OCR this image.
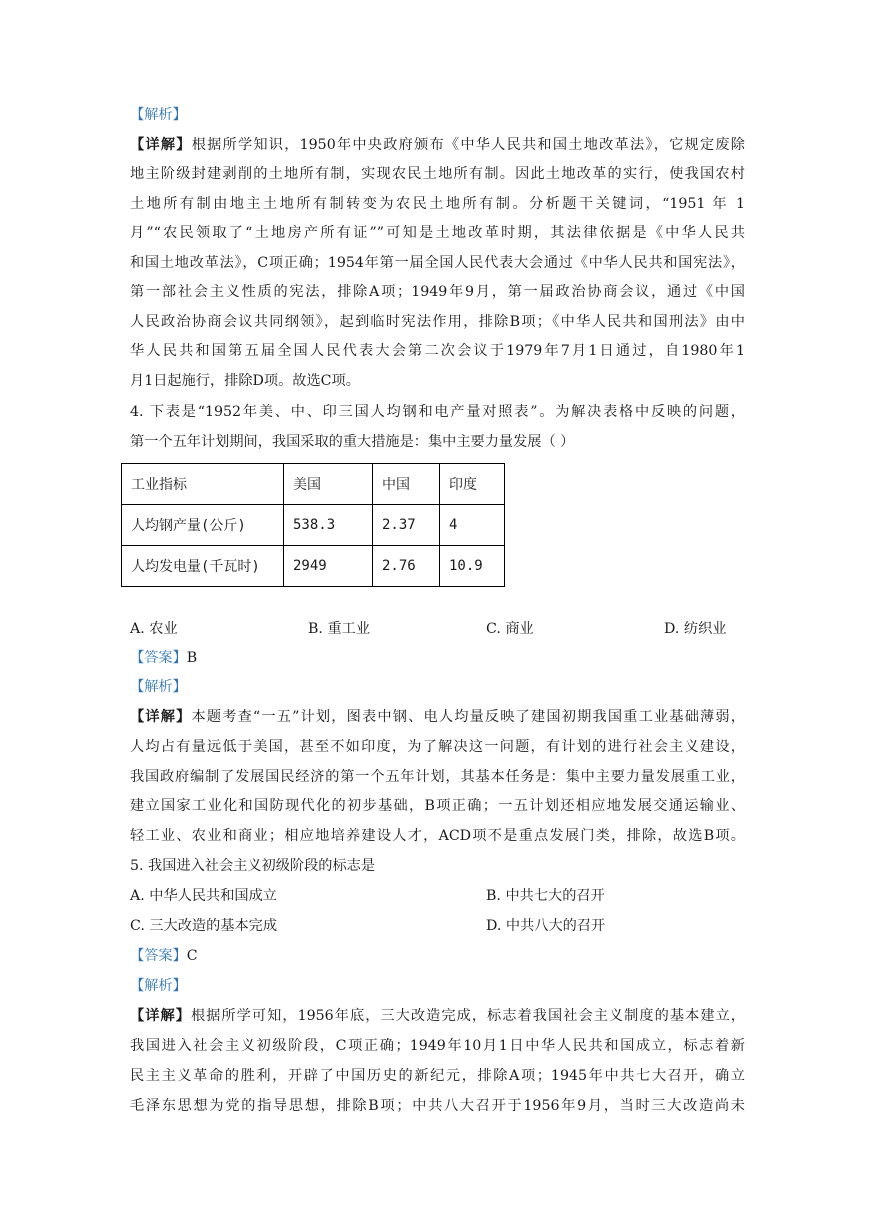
【解析】
【详解】根据所学知识，1950年中央政府颁布《中华人民共和国土地改革法》，它规定废除
地主阶级封建剥削的土地所有制，实现农民土地所有制。因此土地改革的实行，使我国农村
土地所有制由地主土地所有制转变为农民土地所有制。分析题干关键词，“1951 年 1
月”“农民领取了“土地房产所有证””可知是土地改革时期，其法律依据是《中华人民共
和国土地改革法》，C项正确；1954年第一届全国人民代表大会通过《中华人民共和国宪法》，
第一部社会主义性质的宪法，排除A项；1949年9月，第一届政治协商会议，通过《中国
人民政治协商会议共同纲领》，起到临时宪法作用，排除B项；《中华人民共和国刑法》由中
华人民共和国第五届全国人民代表大会第二次会议于1979年7月1日通过，自1980年1
月1日起施行，排除D项。故选C项。
4. 下表是“1952年美、中、印三国人均钢和电产量对照表”。为解决表格中反映的问题，
第一个五年计划期间，我国采取的重大措施是：集中主要力量发展（ ）
工业指标	美国	中国	印度
人均钢产量(公斤)	538.3	2.37	4
人均发电量(千瓦时)	2949	2.76	10.9
A. 农业	B. 重工业	C. 商业	D. 纺织业
【答案】B
【解析】
【详解】本题考查“一五”计划，图表中钢、电人均量反映了建国初期我国重工业基础薄弱，
人均占有量远低于美国，甚至不如印度，为了解决这一问题，有计划的进行社会主义建设，
我国政府编制了发展国民经济的第一个五年计划，其基本任务是：集中主要力量发展重工业，
建立国家工业化和国防现代化的初步基础，B项正确；一五计划还相应地发展交通运输业、
轻工业、农业和商业；相应地培养建设人才，ACD项不是重点发展门类，排除，故选B项。
5. 我国进入社会主义初级阶段的标志是
A. 中华人民共和国成立	B. 中共七大的召开
C. 三大改造的基本完成	D. 中共八大的召开
【答案】C
【解析】
【详解】根据所学可知，1956年底，三大改造完成，标志着我国社会主义制度的基本建立，
我国进入社会主义初级阶段，C项正确；1949年10月1日中华人民共和国成立，标志着新
民主主义革命的胜利，开辟了中国历史的新纪元，排除A项；1945年中共七大召开，确立
毛泽东思想为党的指导思想，排除B项；中共八大召开于1956年9月，当时三大改造尚未
